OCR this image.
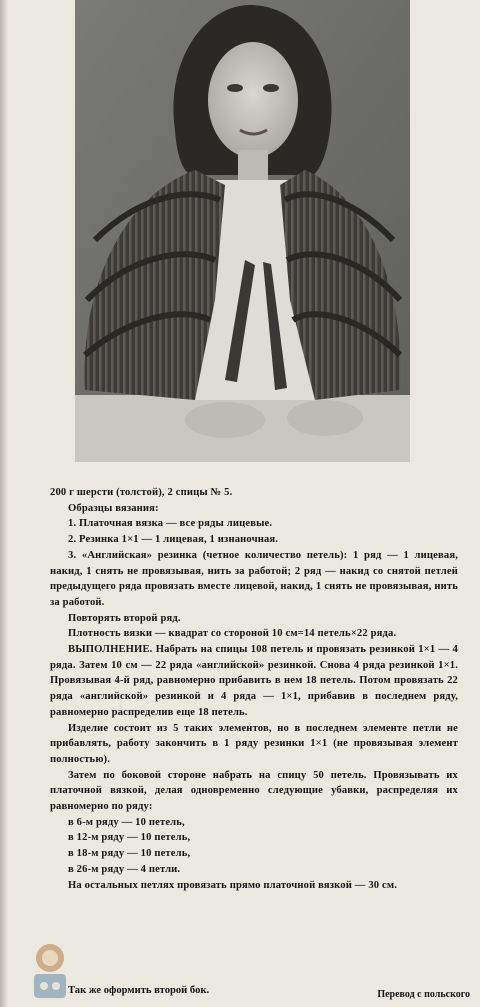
200 г шерсти (толстой), 2 спицы № 5.

Образцы вязания:

1. Платочная вязка — все ряды лицевые.

2. Резинка 1×1 — 1 лицевая, 1 изнаночная.

3. «Английская» резинка (четное количество петель): 1 ряд — 1 лицевая, накид, 1 снять не провязывая, нить за работой; 2 ряд — накид со снятой петлей предыдущего ряда провязать вместе лицевой, накид, 1 снять не провязывая, нить за работой.

Повторять второй ряд.

Плотность вязки — квадрат со стороной 10 см=14 петель×22 ряда.

ВЫПОЛНЕНИЕ. Набрать на спицы 108 петель и провязать резинкой 1×1 — 4 ряда. Затем 10 см — 22 ряда «английской» резинкой. Снова 4 ряда резинкой 1×1. Провязывая 4-й ряд, равномерно прибавить в нем 18 петель. Потом провязать 22 ряда «английской» резинкой и 4 ряда — 1×1, прибавив в последнем ряду, равномерно распределив еще 18 петель.

Изделие состоит из 5 таких элементов, но в последнем элементе петли не прибавлять, работу закончить в 1 ряду резинки 1×1 (не провязывая элемент полностью).

Затем по боковой стороне набрать на спицу 50 петель. Провязывать их платочной вязкой, делая одновременно следующие убавки, распределяя их равномерно по ряду:

в 6-м ряду — 10 петель,

в 12-м ряду — 10 петель,

в 18-м ряду — 10 петель,

в 26-м ряду — 4 петли.

На остальных петлях провязать прямо платочной вязкой — 30 см.

Так же оформить второй бок.	Перевод с польского
